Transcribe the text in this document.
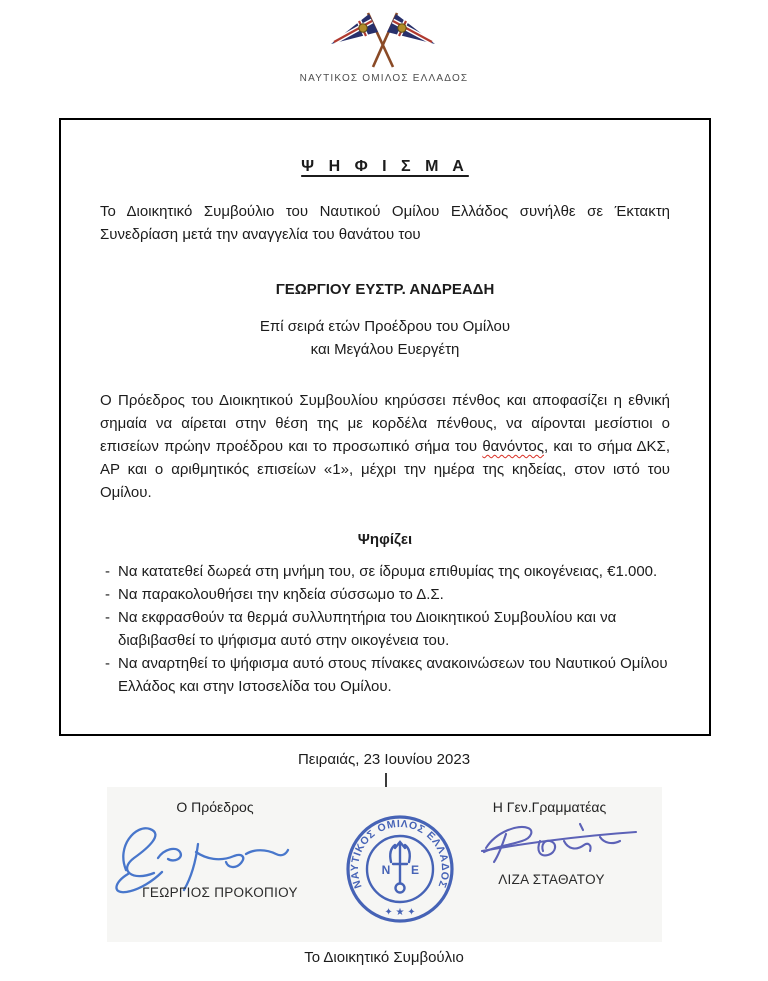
ΝΑΥΤΙΚΟΣ ΟΜΙΛΟΣ ΕΛΛΑΔΟΣ
Ψ Η Φ Ι Σ Μ Α

Το Διοικητικό Συμβούλιο του Ναυτικού Ομίλου Ελλάδος συνήλθε σε Έκτακτη Συνεδρίαση μετά την αναγγελία του θανάτου του

ΓΕΩΡΓΙΟΥ ΕΥΣΤΡ. ΑΝΔΡΕΑΔΗ
Επί σειρά ετών Προέδρου του Ομίλου
και Μεγάλου Ευεργέτη

Ο Πρόεδρος του Διοικητικού Συμβουλίου κηρύσσει πένθος και αποφασίζει η εθνική σημαία να αίρεται στην θέση της με κορδέλα πένθους, να αίρονται μεσίστιοι ο επισείων πρώην προέδρου και το προσωπικό σήμα του θανόντος, και το σήμα ΔΚΣ, ΑΡ και ο αριθμητικός επισείων «1», μέχρι την ημέρα της κηδείας, στον ιστό του Ομίλου.

Ψηφίζει
- Να κατατεθεί δωρεά στη μνήμη του, σε ίδρυμα επιθυμίας της οικογένειας, €1.000.
- Να παρακολουθήσει την κηδεία σύσσωμο το Δ.Σ.
- Να εκφρασθούν τα θερμά συλλυπητήρια του Διοικητικού Συμβουλίου και να διαβιβασθεί το ψήφισμα αυτό στην οικογένεια του.
- Να αναρτηθεί το ψήφισμα αυτό στους πίνακες ανακοινώσεων του Ναυτικού Ομίλου Ελλάδος και στην Ιστοσελίδα του Ομίλου.
Πειραιάς, 23 Ιουνίου 2023
Ο Πρόεδρος
ΓΕΩΡΓΙΟΣ ΠΡΟΚΟΠΙΟΥ
ΝΑΥΤΙΚΟΣ ΟΜΙΛΟΣ ΕΛΛΑΔΟΣ
✦ ★ ✦
Ν Ε
Η Γεν.Γραμματέας
ΛΙΖΑ ΣΤΑΘΑΤΟΥ
Το Διοικητικό Συμβούλιο
